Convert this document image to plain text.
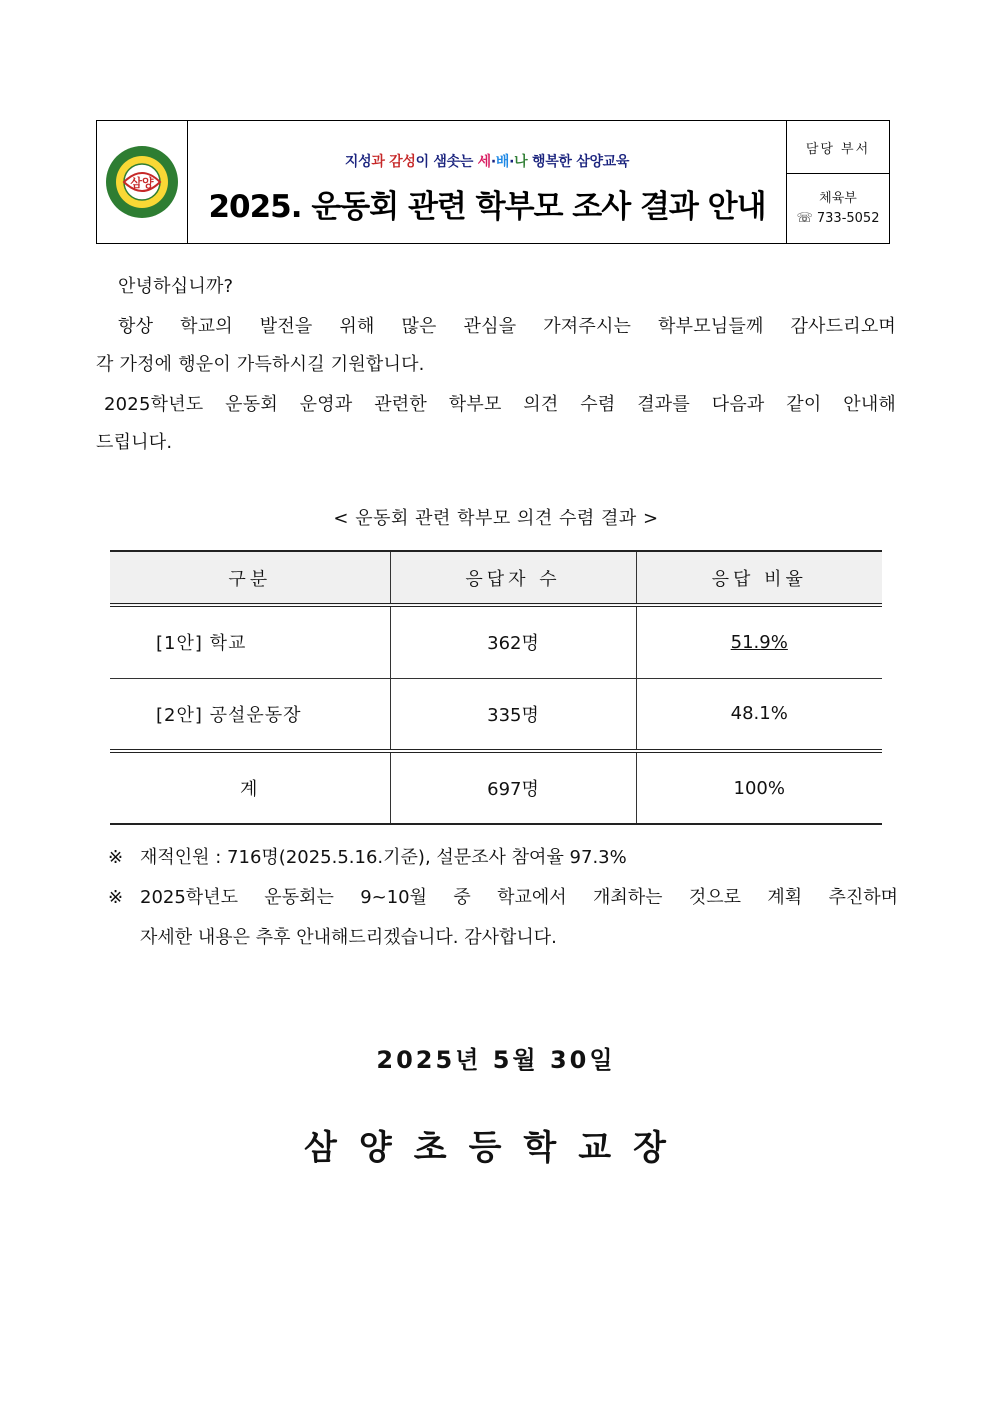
삼양
지성과 감성이 샘솟는 세·배·나 행복한 삼양교육
2025. 운동회 관련 학부모 조사 결과 안내
담당 부서
체육부
☏ 733-5052
안녕하십니까?
항상 학교의 발전을 위해 많은 관심을 가져주시는 학부모님들께 감사드리오며
각 가정에 행운이 가득하시길 기원합니다.
2025학년도 운동회 운영과 관련한 학부모 의견 수렴 결과를 다음과 같이 안내해
드립니다.
< 운동회 관련 학부모 의견 수렴 결과 >
구분	응답자 수	응답 비율
[1안] 학교	362명	51.9%
[2안] 공설운동장	335명	48.1%
계	697명	100%
※ 재적인원 : 716명(2025.5.16.기준), 설문조사 참여율 97.3%
※ 2025학년도 운동회는 9~10월 중 학교에서 개최하는 것으로 계획 추진하며
자세한 내용은 추후 안내해드리겠습니다. 감사합니다.
2025년 5월 30일
삼양초등학교장
